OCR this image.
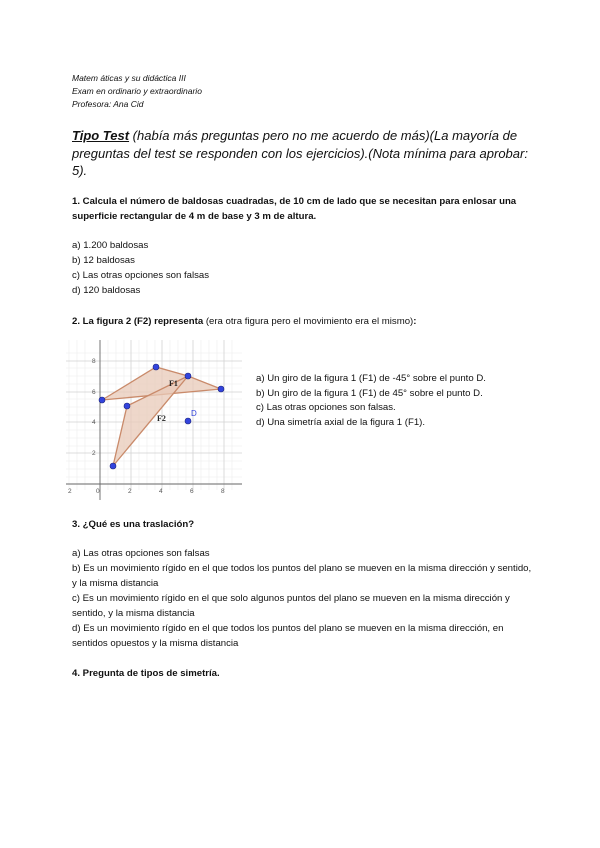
Matem áticas y su didáctica III
Exam en ordinario y extraordinario
Profesora: Ana Cid
Tipo Test (había más preguntas pero no me acuerdo de más)(La mayoría de preguntas del test se responden con los ejercicios).(Nota mínima para aprobar: 5).
1. Calcula el número de baldosas cuadradas, de 10 cm de lado que se necesitan para enlosar una superficie rectangular de 4 m de base y 3 m de altura.
a) 1.200 baldosas
b) 12 baldosas
c) Las otras opciones son falsas
d) 120 baldosas
2. La figura 2 (F2) representa (era otra figura pero el movimiento era el mismo):
2	0	2	4	6	8
8
6
4
2
F1
F2
D
a) Un giro de la figura 1 (F1) de -45° sobre el punto D.
b) Un giro de la figura 1 (F1) de 45° sobre el punto D.
c) Las otras opciones son falsas.
d) Una simetría axial de la figura 1 (F1).
3. ¿Qué es una traslación?
a) Las otras opciones son falsas
b) Es un movimiento rígido en el que todos los puntos del plano se mueven en la misma dirección y sentido, y la misma distancia
c) Es un movimiento rígido en el que solo algunos puntos del plano se mueven en la misma dirección y sentido, y la misma distancia
d) Es un movimiento rígido en el que todos los puntos del plano se mueven en la misma dirección, en sentidos opuestos y la misma distancia
4. Pregunta de tipos de simetría.
